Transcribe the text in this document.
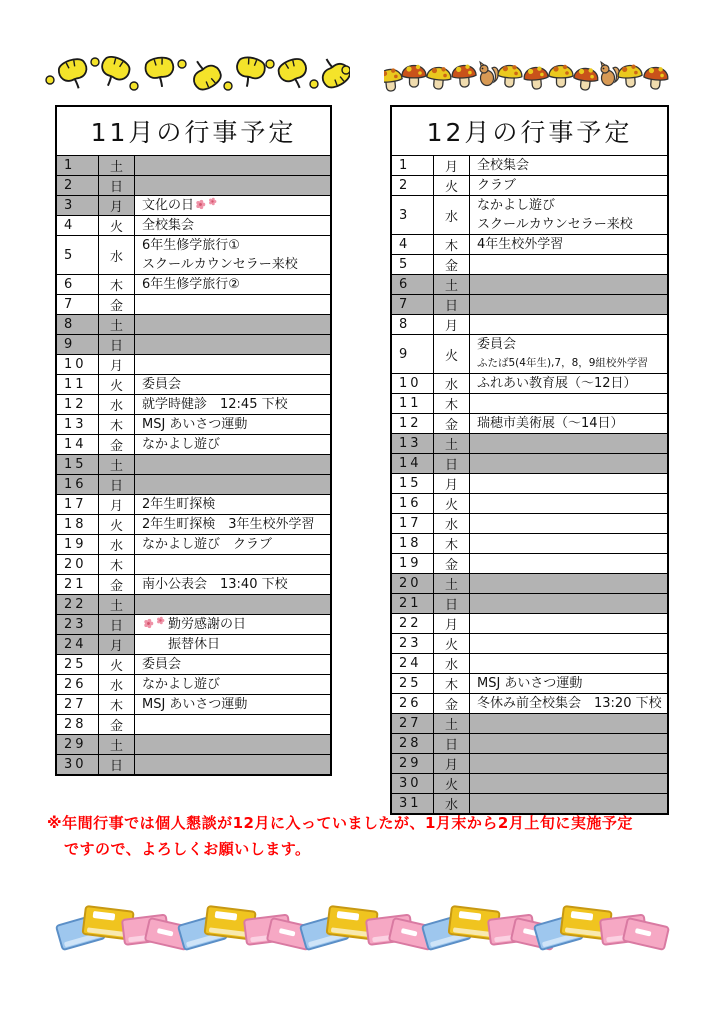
11月の行事予定
1	土
2	日
3	月	文化の日
4	火	全校集会
5	水
6年生修学旅行①
スクールカウンセラー来校
6	木	6年生修学旅行②
7	金
8	土
9	日
10	月
11	火	委員会
12	水	就学時健診　12:45 下校
13	木	MSJ あいさつ運動
14	金	なかよし遊び
15	土
16	日
17	月	2年生町探検
18	火	2年生町探検　3年生校外学習
19	水	なかよし遊び　クラブ
20	木
21	金	南小公表会　13:40 下校
22	土
23	日	勤労感謝の日
24	月	　　振替休日
25	火	委員会
26	水	なかよし遊び
27	木	MSJ あいさつ運動
28	金
29	土
30	日
12月の行事予定
1	月	全校集会
2	火	クラブ
3	水
なかよし遊び
スクールカウンセラー来校
4	木	4年生校外学習
5	金
6	土
7	日
8	月
9	火
委員会
ふたば5(4年生),7，8，9組校外学習
10	水	ふれあい教育展（～12日）
11	木
12	金	瑞穂市美術展（～14日）
13	土
14	日
15	月
16	火
17	水
18	木
19	金
20	土
21	日
22	月
23	火
24	水
25	木	MSJ あいさつ運動
26	金	冬休み前全校集会　13:20 下校
27	土
28	日
29	月
30	火
31	水

※年間行事では個人懇談が12月に入っていましたが、1月末から2月上旬に実施予定
ですので、よろしくお願いします。
